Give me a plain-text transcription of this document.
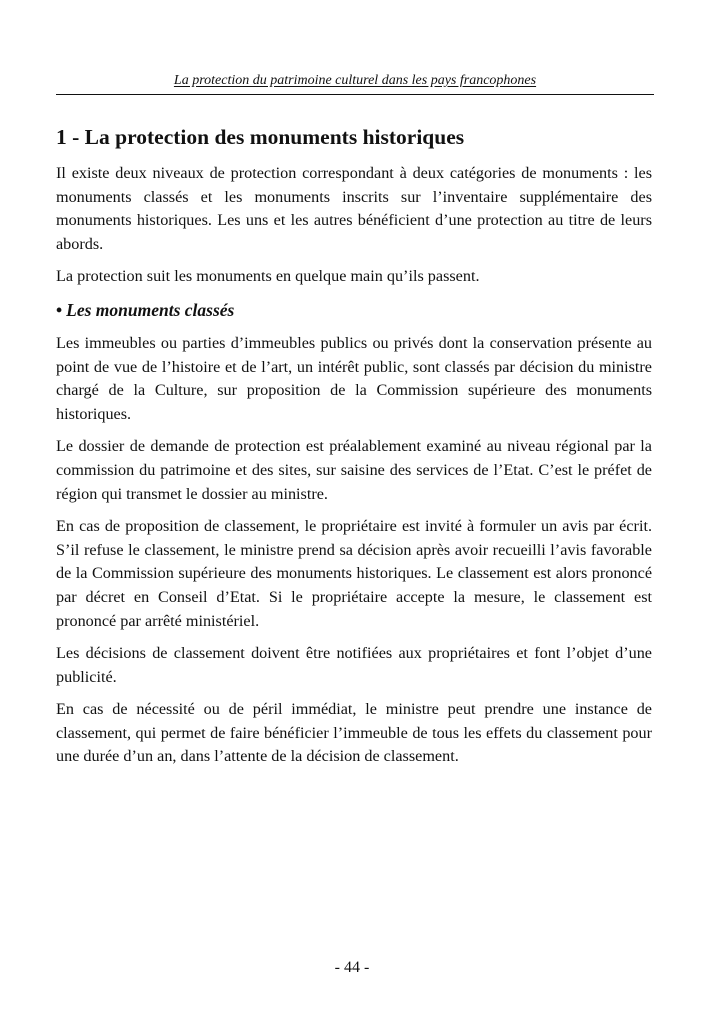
La protection du patrimoine culturel dans les pays francophones
1 - La protection des monuments historiques

Il existe deux niveaux de protection correspondant à deux catégories de monuments : les monuments classés et les monuments inscrits sur l’inventaire supplémentaire des monuments historiques. Les uns et les autres bénéficient d’une protection au titre de leurs abords.

La protection suit les monuments en quelque main qu’ils passent.

• Les monuments classés

Les immeubles ou parties d’immeubles publics ou privés dont la conservation présente au point de vue de l’histoire et de l’art, un intérêt public, sont classés par décision du ministre chargé de la Culture, sur proposition de la Commission supérieure des monuments historiques.

Le dossier de demande de protection est préalablement examiné au niveau régional par la commission du patrimoine et des sites, sur saisine des services de l’Etat. C’est le préfet de région qui transmet le dossier au ministre.

En cas de proposition de classement, le propriétaire est invité à formuler un avis par écrit. S’il refuse le classement, le ministre prend sa décision après avoir recueilli l’avis favorable de la Commission supérieure des monuments historiques. Le classement est alors prononcé par décret en Conseil d’Etat. Si le propriétaire accepte la mesure, le classement est prononcé par arrêté ministériel.

Les décisions de classement doivent être notifiées aux propriétaires et font l’objet d’une publicité.

En cas de nécessité ou de péril immédiat, le ministre peut prendre une instance de classement, qui permet de faire bénéficier l’immeuble de tous les effets du classement pour une durée d’un an, dans l’attente de la décision de classement.

- 44 -
